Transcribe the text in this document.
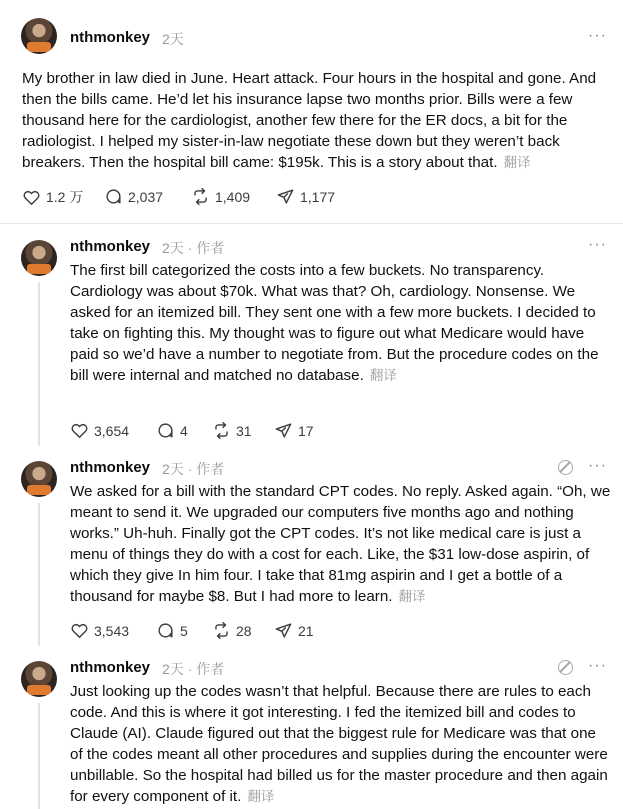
nthmonkey 2天	···
My brother in law died in June. Heart attack. Four hours in the hospital and gone. And then the bills came. He’d let his insurance lapse two months prior. Bills were a few thousand here for the cardiologist, another few there for the ER docs, a bit for the radiologist. I helped my sister-in-law negotiate these down but they weren’t back breakers. Then the hospital bill came: $195k. This is a story about that. 翻译
1.2 万	2,037	1,409	1,177
nthmonkey 2天 · 作者	···
The first bill categorized the costs into a few buckets. No transparency. Cardiology was about $70k. What was that? Oh, cardiology. Nonsense. We asked for an itemized bill. They sent one with a few more buckets. I decided to take on fighting this. My thought was to figure out what Medicare would have paid so we’d have a number to negotiate from. But the procedure codes on the bill were internal and matched no database. 翻译
3,654	4	31	17
nthmonkey 2天 · 作者	···
We asked for a bill with the standard CPT codes. No reply. Asked again. “Oh, we meant to send it. We upgraded our computers five months ago and nothing works.” Uh-huh. Finally got the CPT codes. It’s not like medical care is just a menu of things they do with a cost for each. Like, the $31 low-dose aspirin, of which they give In him four. I take that 81mg aspirin and I get a bottle of a thousand for maybe $8. But I had more to learn. 翻译
3,543	5	28	21
nthmonkey 2天 · 作者	···
Just looking up the codes wasn’t that helpful. Because there are rules to each code. And this is where it got interesting. I fed the itemized bill and codes to Claude (AI). Claude figured out that the biggest rule for Medicare was that one of the codes meant all other procedures and supplies during the encounter were unbillable. So the hospital had billed us for the master procedure and then again for every component of it. 翻译
